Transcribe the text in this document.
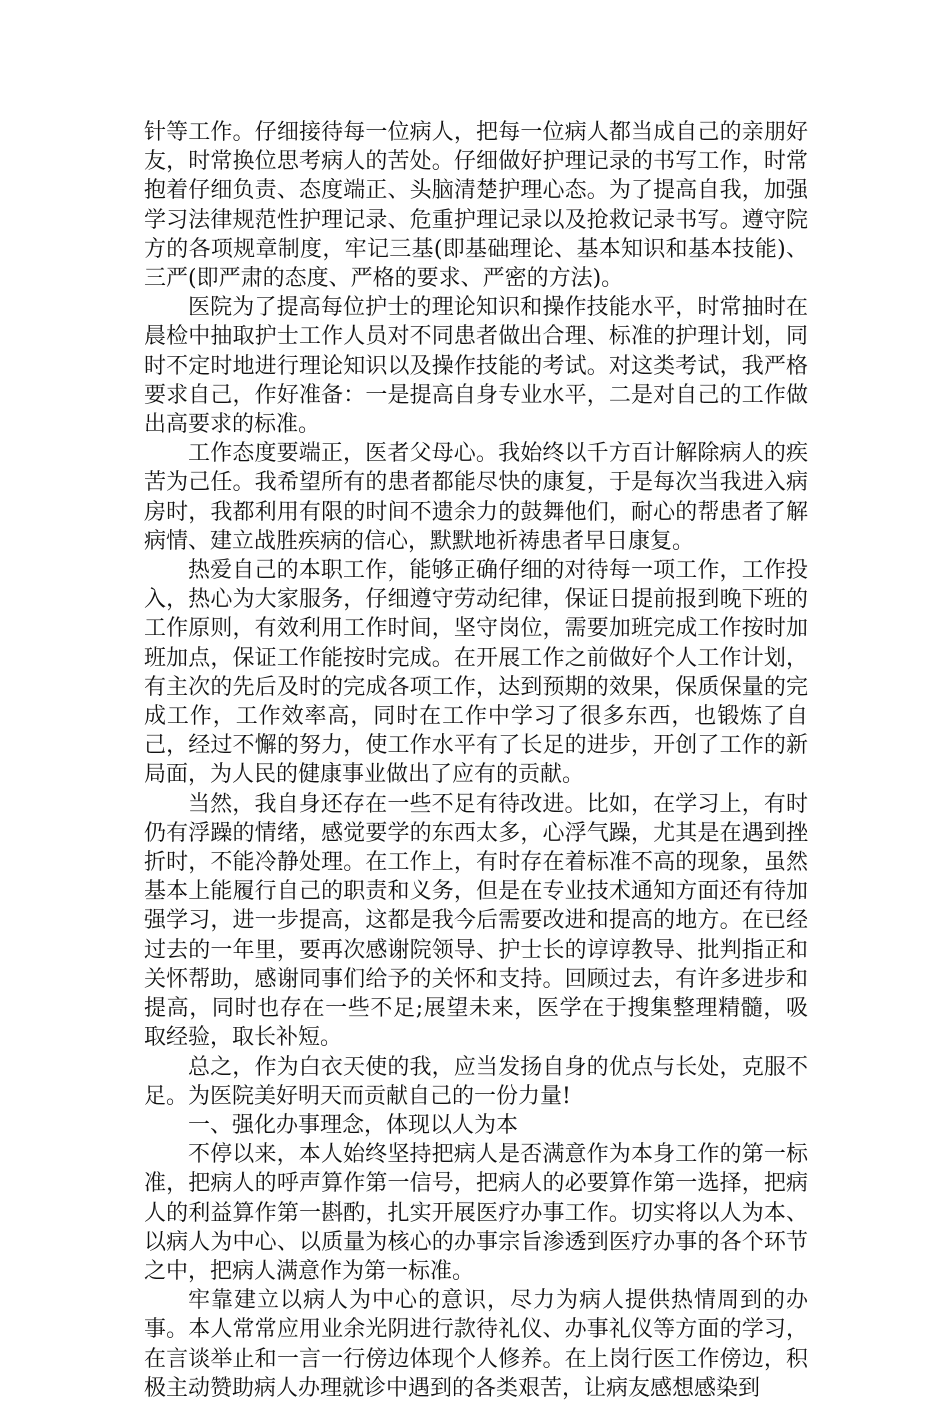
针等工作。仔细接待每一位病人，把每一位病人都当成自己的亲朋好友，时常换位思考病人的苦处。仔细做好护理记录的书写工作，时常抱着仔细负责、态度端正、头脑清楚护理心态。为了提高自我，加强学习法律规范性护理记录、危重护理记录以及抢救记录书写。遵守院方的各项规章制度，牢记三基(即基础理论、基本知识和基本技能)、三严(即严肃的态度、严格的要求、严密的方法)。

医院为了提高每位护士的理论知识和操作技能水平，时常抽时在晨检中抽取护士工作人员对不同患者做出合理、标准的护理计划，同时不定时地进行理论知识以及操作技能的考试。对这类考试，我严格要求自己，作好准备：一是提高自身专业水平，二是对自己的工作做出高要求的标准。

工作态度要端正，医者父母心。我始终以千方百计解除病人的疾苦为己任。我希望所有的患者都能尽快的康复，于是每次当我进入病房时，我都利用有限的时间不遗余力的鼓舞他们，耐心的帮患者了解病情、建立战胜疾病的信心，默默地祈祷患者早日康复。

热爱自己的本职工作，能够正确仔细的对待每一项工作，工作投入，热心为大家服务，仔细遵守劳动纪律，保证日提前报到晚下班的工作原则，有效利用工作时间，坚守岗位，需要加班完成工作按时加班加点，保证工作能按时完成。在开展工作之前做好个人工作计划，有主次的先后及时的完成各项工作，达到预期的效果，保质保量的完成工作，工作效率高，同时在工作中学习了很多东西，也锻炼了自己，经过不懈的努力，使工作水平有了长足的进步，开创了工作的新局面，为人民的健康事业做出了应有的贡献。

当然，我自身还存在一些不足有待改进。比如，在学习上，有时仍有浮躁的情绪，感觉要学的东西太多，心浮气躁，尤其是在遇到挫折时，不能冷静处理。在工作上，有时存在着标准不高的现象，虽然基本上能履行自己的职责和义务，但是在专业技术通知方面还有待加强学习，进一步提高，这都是我今后需要改进和提高的地方。在已经过去的一年里，要再次感谢院领导、护士长的谆谆教导、批判指正和关怀帮助，感谢同事们给予的关怀和支持。回顾过去，有许多进步和提高，同时也存在一些不足;展望未来，医学在于搜集整理精髓，吸取经验，取长补短。

总之，作为白衣天使的我，应当发扬自身的优点与长处，克服不足。为医院美好明天而贡献自己的一份力量!

一、强化办事理念，体现以人为本

不停以来，本人始终坚持把病人是否满意作为本身工作的第一标准，把病人的呼声算作第一信号，把病人的必要算作第一选择，把病人的利益算作第一斟酌，扎实开展医疗办事工作。切实将以人为本、以病人为中心、以质量为核心的办事宗旨渗透到医疗办事的各个环节之中，把病人满意作为第一标准。

牢靠建立以病人为中心的意识，尽力为病人提供热情周到的办事。本人常常应用业余光阴进行款待礼仪、办事礼仪等方面的学习，在言谈举止和一言一行傍边体现个人修养。在上岗行医工作傍边，积极主动赞助病人办理就诊中遇到的各类艰苦，让病友感想感染到
